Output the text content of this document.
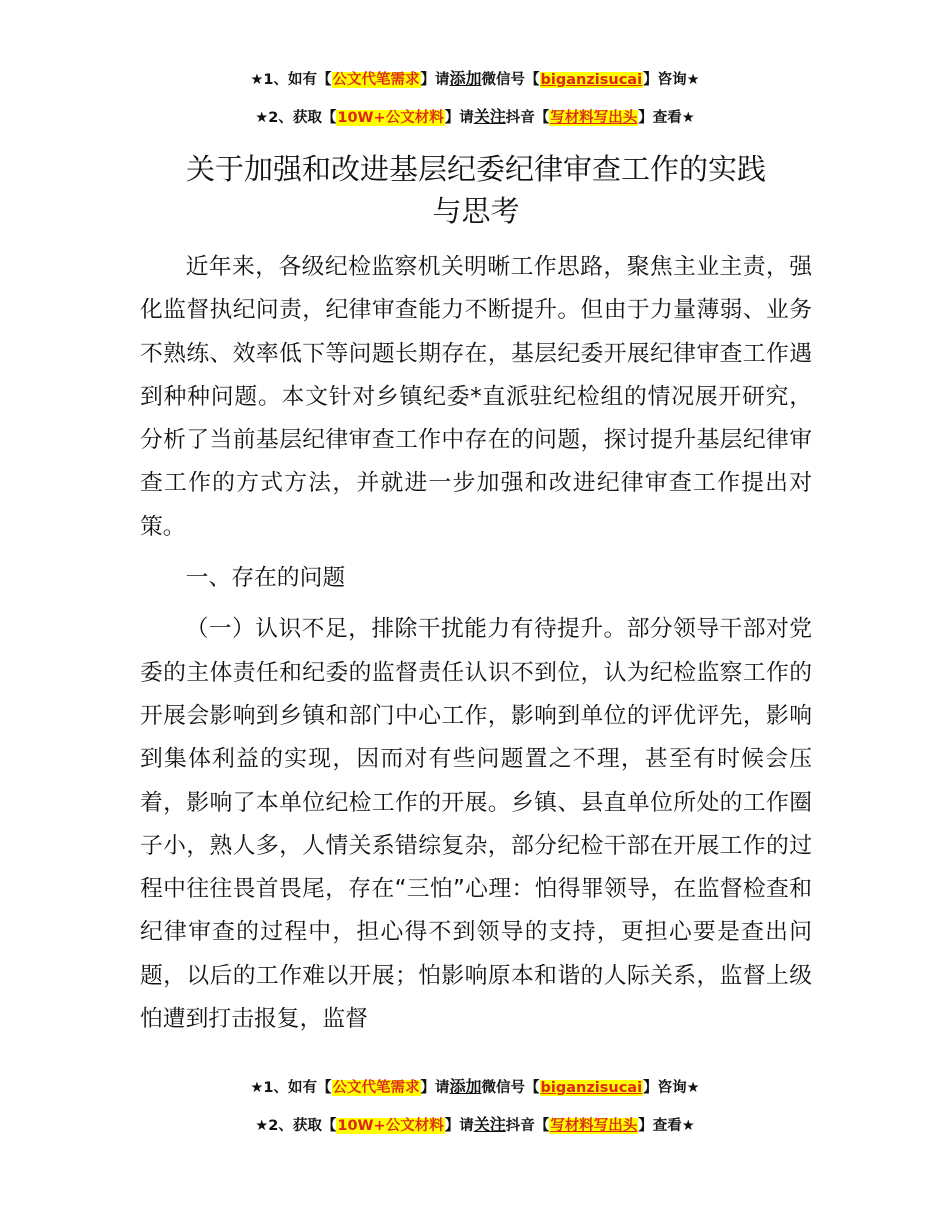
★1、如有【公文代笔需求】请添加微信号【biganzisucai】咨询★
★2、获取【10W+公文材料】请关注抖音【写材料写出头】查看★
关于加强和改进基层纪委纪律审查工作的实践
与思考

近年来，各级纪检监察机关明晰工作思路，聚焦主业主责，强化监督执纪问责，纪律审查能力不断提升。但由于力量薄弱、业务不熟练、效率低下等问题长期存在，基层纪委开展纪律审查工作遇到种种问题。本文针对乡镇纪委*直派驻纪检组的情况展开研究，分析了当前基层纪律审查工作中存在的问题，探讨提升基层纪律审查工作的方式方法，并就进一步加强和改进纪律审查工作提出对策。

一、存在的问题

（一）认识不足，排除干扰能力有待提升。部分领导干部对党委的主体责任和纪委的监督责任认识不到位，认为纪检监察工作的开展会影响到乡镇和部门中心工作，影响到单位的评优评先，影响到集体利益的实现，因而对有些问题置之不理，甚至有时候会压着，影响了本单位纪检工作的开展。乡镇、县直单位所处的工作圈子小，熟人多，人情关系错综复杂，部分纪检干部在开展工作的过程中往往畏首畏尾，存在“三怕”心理：怕得罪领导，在监督检查和纪律审查的过程中，担心得不到领导的支持，更担心要是查出问题，以后的工作难以开展；怕影响原本和谐的人际关系，监督上级怕遭到打击报复，监督

★1、如有【公文代笔需求】请添加微信号【biganzisucai】咨询★
★2、获取【10W+公文材料】请关注抖音【写材料写出头】查看★
